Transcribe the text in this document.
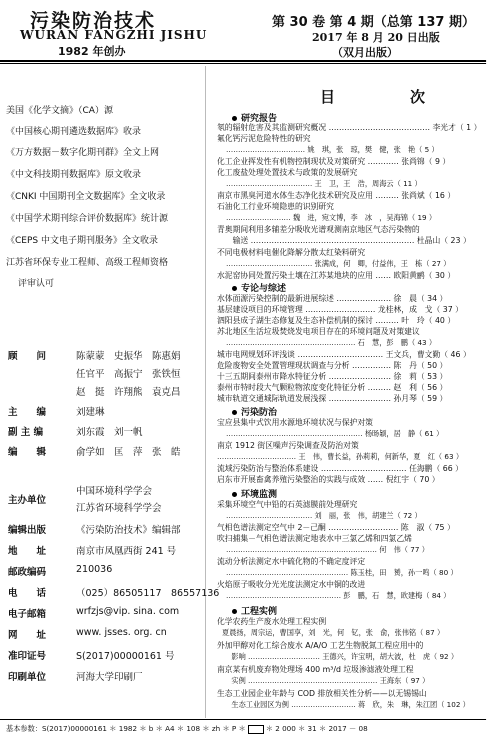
污染防治技术
WURAN FANGZHI JISHU
1982 年创办
第 30 卷 第 4 期（总第 137 期）
2017 年 8 月 20 日出版
（双月出版）
美国《化学文摘》（CA）源
《中国核心期刊遴选数据库》收录
《万方数据－数字化期刊群》全文上网
《中文科技期刊数据库》原文收录
《CNKI 中国期刊全文数据库》全文收录
《中国学术期刊综合评价数据库》统计源
《CEPS 中文电子期刊服务》全文收录
江苏省环保专业工程师、高级工程师资格
评审认可
顾　　问	陈蒙蒙　史振华　陈惠娟
任官平　高振宁　张铁恒
赵　挺　许翔熊　袁克昌
主　　编	刘建琳
副 主 编	刘东霞　刘一帆
编　　辑	俞学如　匡　萍　张　皓
主办单位
中国环境科学学会
江苏省环境科学学会
编辑出版	《污染防治技术》编辑部
地　　址	南京市凤凰西街 241 号
邮政编码	210036
电　　话	（025）86505117　86557136
电子邮箱	wrfzjs@vip. sina. com
网　　址	www. jsses. org. cn
准印证号	S(2017)00000161 号
印刷单位	河海大学印刷厂
目　次
研究报告
氡的辐射危害及其监测研究概况 ………………………………… 李光才（ 1 ）
氟化钙污泥危险特性的研究
…………………………… 姚　琪，张　琼，樊　健，张　艳（ 5 ）
化工企业挥发性有机物控制现状及对策研究 ………… 张尚锦（ 9 ）
化工废盐处理处置技术与政策的发展研究
……………………………… 王　卫，王　浩，周海云（ 11 ）
南京市黑臭河道水体生态净化技术研究及应用 ……… 张尚斌（ 16 ）
石油化工行业环境隐患的识别研究
……………………… 魏　进，宛文博，李　冰　，吴海锦（ 19 ）
青奥期间利用多辅差分吸收光谱观测南京地区气态污染物的
　　输送 ……………………………………………………… 杜晶山（ 23 ）
不同电极材料电催化降解分散太红染料研究
……………………………… 张满成，何　卿，付益伟，王　栋（ 27 ）
水泥窑协同处置污染土壤在江苏某地块的应用 …… 欧阳黄鹂（ 30 ）
专论与综述
水体面源污染控制的最新进展综述 ………………… 徐　晨（ 34 ）
基层建设项目的环境管理 ……………………… 龙桂林，成　戈（ 37 ）
泗阳县成子湖生态修复及生态补偿机制的探讨 ……… 叶　玲（ 40 ）
苏北地区生活垃圾焚烧发电项目存在的环境问题及对策建议
……………………………………………… 石　慧，彭　鹏（ 43 ）
城市电网规划环评浅谈 …………………………… 王文兵，曹文勤（ 46 ）
危险废物安全处置管理现状调查与分析 …………… 陈　丹（ 50 ）
十三五期间泰州市降水特征分析 …………………… 徐　莉（ 53 ）
泰州市特时段大气颗粒物浓度变化特征分析 ……… 赵　利（ 56 ）
城市轨道交通城际轨道发展浅探 …………………… 孙月琴（ 59 ）
污染防治
宝应县集中式饮用水源地环境状况与保护对策
………………………………………………… 杨旸颖，居　静（ 61 ）
南京 1912 街区噪声污染调查及防治对策
…………………………… 王　伟，曹长益，孙莉莉，何新华，夏　红（ 63 ）
流域污染防治与整治体系建设 …………………………… 任海鹏（ 66 ）
启东市开展畜禽养殖污染整治的实践与成效 …… 倪红宇（ 70 ）
环境监测
采集环境空气中铅的石英滤膜前处理研究
……………………………… 刘　丽，张　伟，胡建兰（ 72 ）
气相色谱法测定空气中 2－己酮 ……………………… 陈　淑（ 75 ）
吹扫捕集－气相色谱法测定地表水中三氯乙烯和四氯乙烯
……………………………………………………… 何　伟（ 77 ）
流动分析法测定水中硫化物的不确定度评定
…………………………………………… 陈玉桂，田　赟，孙一鸣（ 80 ）
火焰原子吸收分光光度法测定水中铜的改进
………………………………………… 彭　鹏，石　慧，欧建梅（ 84 ）
工程实例
化学农药生产废水处理工程实例
夏晨扬，周宗运，曹国享，刘　光，何　钇，张　俞，张伟铭（ 87 ）
外加甲醇对化工综合废水 A/A/O 工艺生物脱氮工程应用中的
　　影响 ………………………… 王德兴，许宝明，胡大波，杜　虎（ 92 ）
南京某有机废弃物处理场 400 m³/d 垃圾渗滤液处理工程
　　实例 ……………………………………………… 王海东（ 97 ）
生态工业园企业年龄与 COD 排放相关性分析——以无锡锡山
　　生态工业园区为例 ……………………… 蒋　欣，朱　琳，朱江团（ 102 ）
基本参数：S(2017)00000161 ＊ 1982 ＊ b ＊ A4 ＊ 108 ＊ zh ＊ P ＊	＊ 2 000 ＊ 31 ＊ 2017 － 08
